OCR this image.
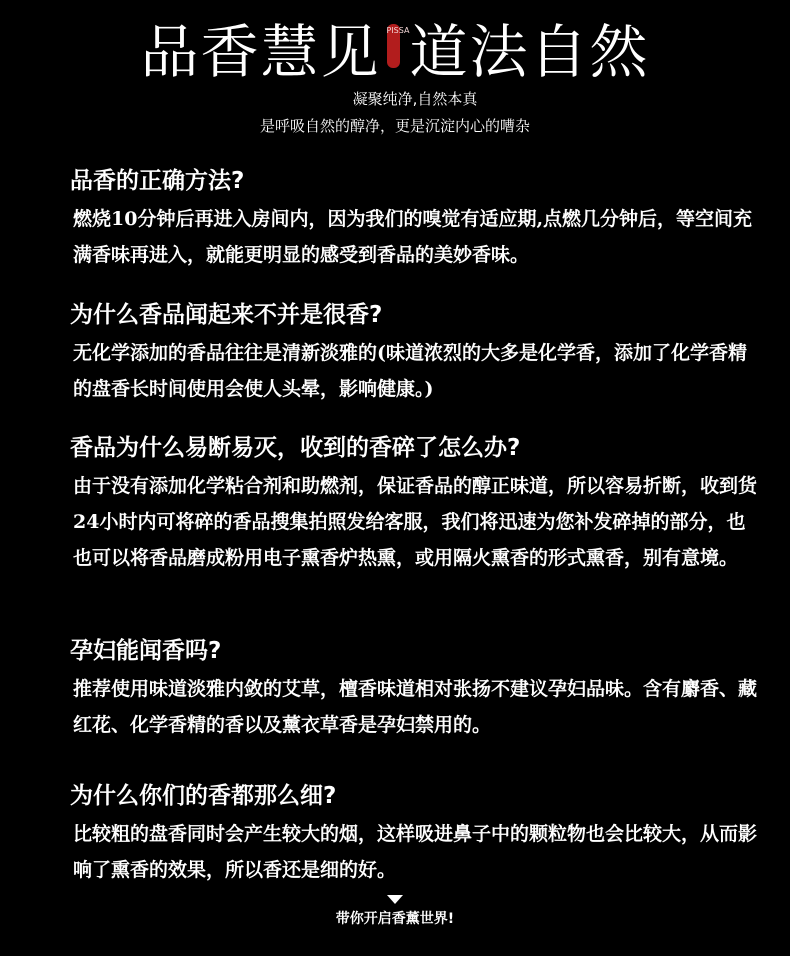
品香慧见 PISSA道法自然
凝聚纯净,自然本真
是呼吸自然的醇净，更是沉淀内心的嘈杂
品香的正确方法?
燃烧10分钟后再进入房间内，因为我们的嗅觉有适应期,点燃几分钟后，等空间充满香味再进入，就能更明显的感受到香品的美妙香味。
为什么香品闻起来不并是很香?
无化学添加的香品往往是清新淡雅的(味道浓烈的大多是化学香，添加了化学香精的盘香长时间使用会使人头晕，影响健康。)
香品为什么易断易灭，收到的香碎了怎么办?
由于没有添加化学粘合剂和助燃剂，保证香品的醇正味道，所以容易折断，收到货24小时内可将碎的香品搜集拍照发给客服，我们将迅速为您补发碎掉的部分，也也可以将香品磨成粉用电子熏香炉热熏，或用隔火熏香的形式熏香，别有意境。
孕妇能闻香吗?
推荐使用味道淡雅内敛的艾草，檀香味道相对张扬不建议孕妇品味。含有麝香、藏红花、化学香精的香以及薰衣草香是孕妇禁用的。
为什么你们的香都那么细?
比较粗的盘香同时会产生较大的烟，这样吸进鼻子中的颗粒物也会比较大，从而影响了熏香的效果，所以香还是细的好。
带你开启香薰世界!
